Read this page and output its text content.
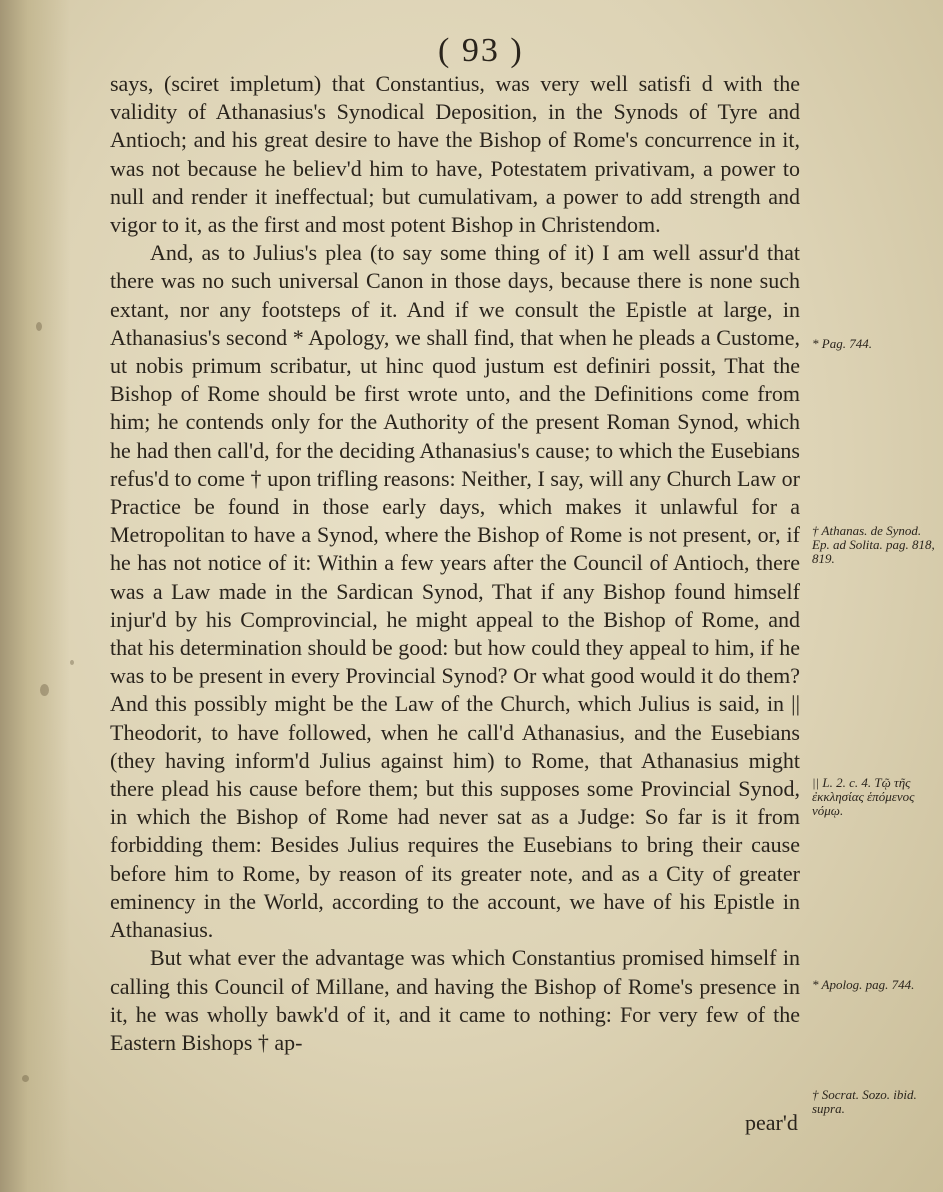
( 93 )

says, (sciret impletum) that Constantius, was very well satisfi d with the validity of Athanasius's Synodical Deposition, in the Synods of Tyre and Antioch; and his great desire to have the Bishop of Rome's concurrence in it, was not because he believ'd him to have, Potestatem privativam, a power to null and render it ineffectual; but cumulativam, a power to add strength and vigor to it, as the first and most potent Bishop in Christendom.

And, as to Julius's plea (to say some thing of it) I am well assur'd that there was no such universal Canon in those days, because there is none such extant, nor any footsteps of it. And if we consult the Epistle at large, in Athanasius's second * Apology, we shall find, that when he pleads a Custome, ut nobis primum scribatur, ut hinc quod justum est definiri possit, That the Bishop of Rome should be first wrote unto, and the Definitions come from him; he contends only for the Authority of the present Roman Synod, which he had then call'd, for the deciding Athanasius's cause; to which the Eusebians refus'd to come † upon trifling reasons: Neither, I say, will any Church Law or Practice be found in those early days, which makes it unlawful for a Metropolitan to have a Synod, where the Bishop of Rome is not present, or, if he has not notice of it: Within a few years after the Council of Antioch, there was a Law made in the Sardican Synod, That if any Bishop found himself injur'd by his Comprovincial, he might appeal to the Bishop of Rome, and that his determination should be good: but how could they appeal to him, if he was to be present in every Provincial Synod? Or what good would it do them? And this possibly might be the Law of the Church, which Julius is said, in || Theodorit, to have followed, when he call'd Athanasius, and the Eusebians (they having inform'd Julius against him) to Rome, that Athanasius might there plead his cause before them; but this supposes some Provincial Synod, in which the Bishop of Rome had never sat as a Judge: So far is it from forbidding them: Besides Julius requires the Eusebians to bring their cause before him to Rome, by reason of its greater note, and as a City of greater eminency in the World, according to the account, we have of his Epistle in Athanasius.

But what ever the advantage was which Constantius promised himself in calling this Council of Millane, and having the Bishop of Rome's presence in it, he was wholly bawk'd of it, and it came to nothing: For very few of the Eastern Bishops † ap-

pear'd

* Pag. 744.

† Athanas. de Synod. Ep. ad Solita. pag. 818, 819.

|| L. 2. c. 4. Τῷ τῆς ἐκκλησίας ἑπόμενος νόμῳ.

* Apolog. pag. 744.

† Socrat. Sozo. ibid. supra.
